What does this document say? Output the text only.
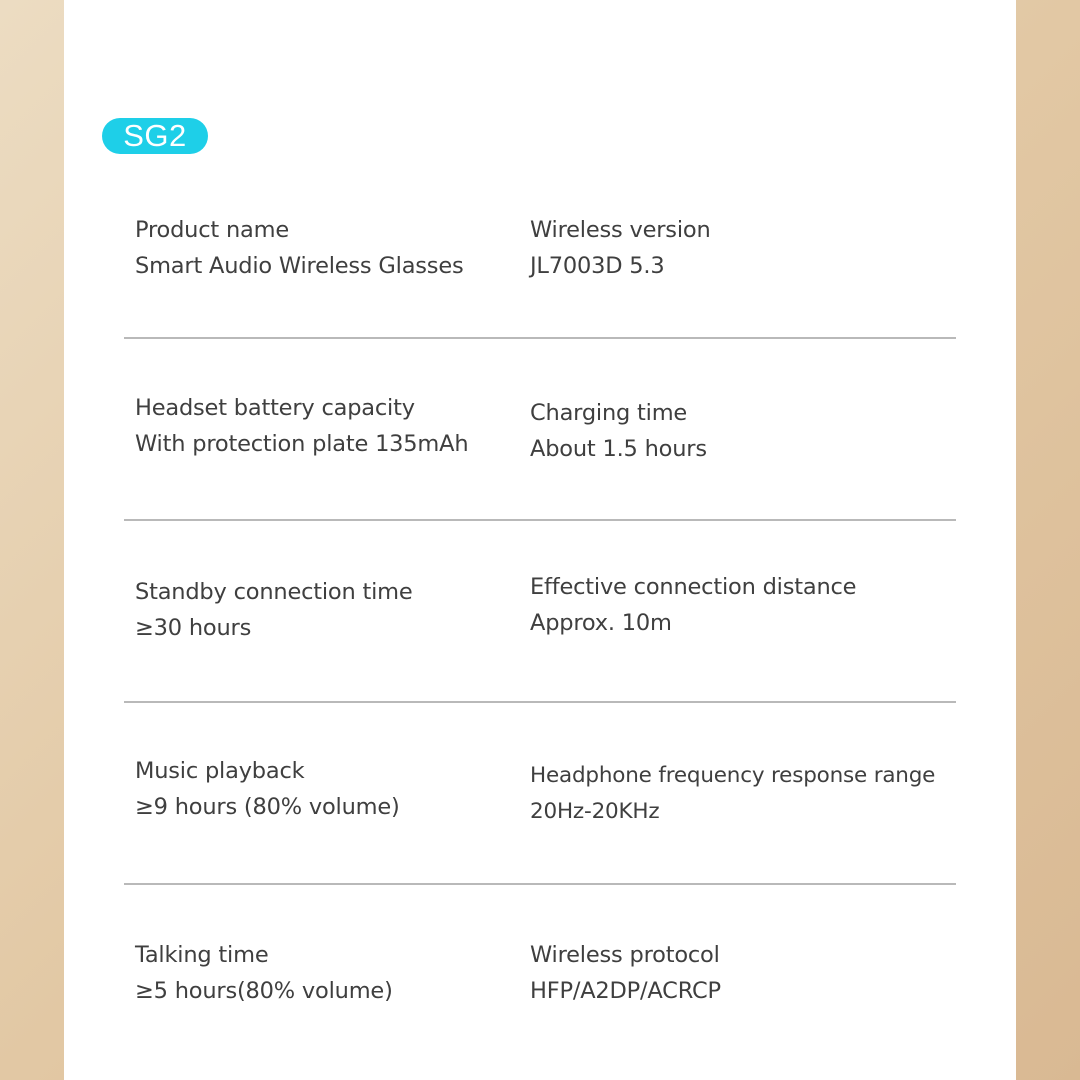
SG2
Product name
Smart Audio Wireless Glasses
Wireless version
JL7003D 5.3
Headset battery capacity
With protection plate 135mAh
Charging time
About 1.5 hours
Standby connection time
≥30 hours
Effective connection distance
Approx. 10m
Music playback
≥9 hours (80% volume)
Headphone frequency response range
20Hz-20KHz
Talking time
≥5 hours(80% volume)
Wireless protocol
HFP/A2DP/ACRCP
